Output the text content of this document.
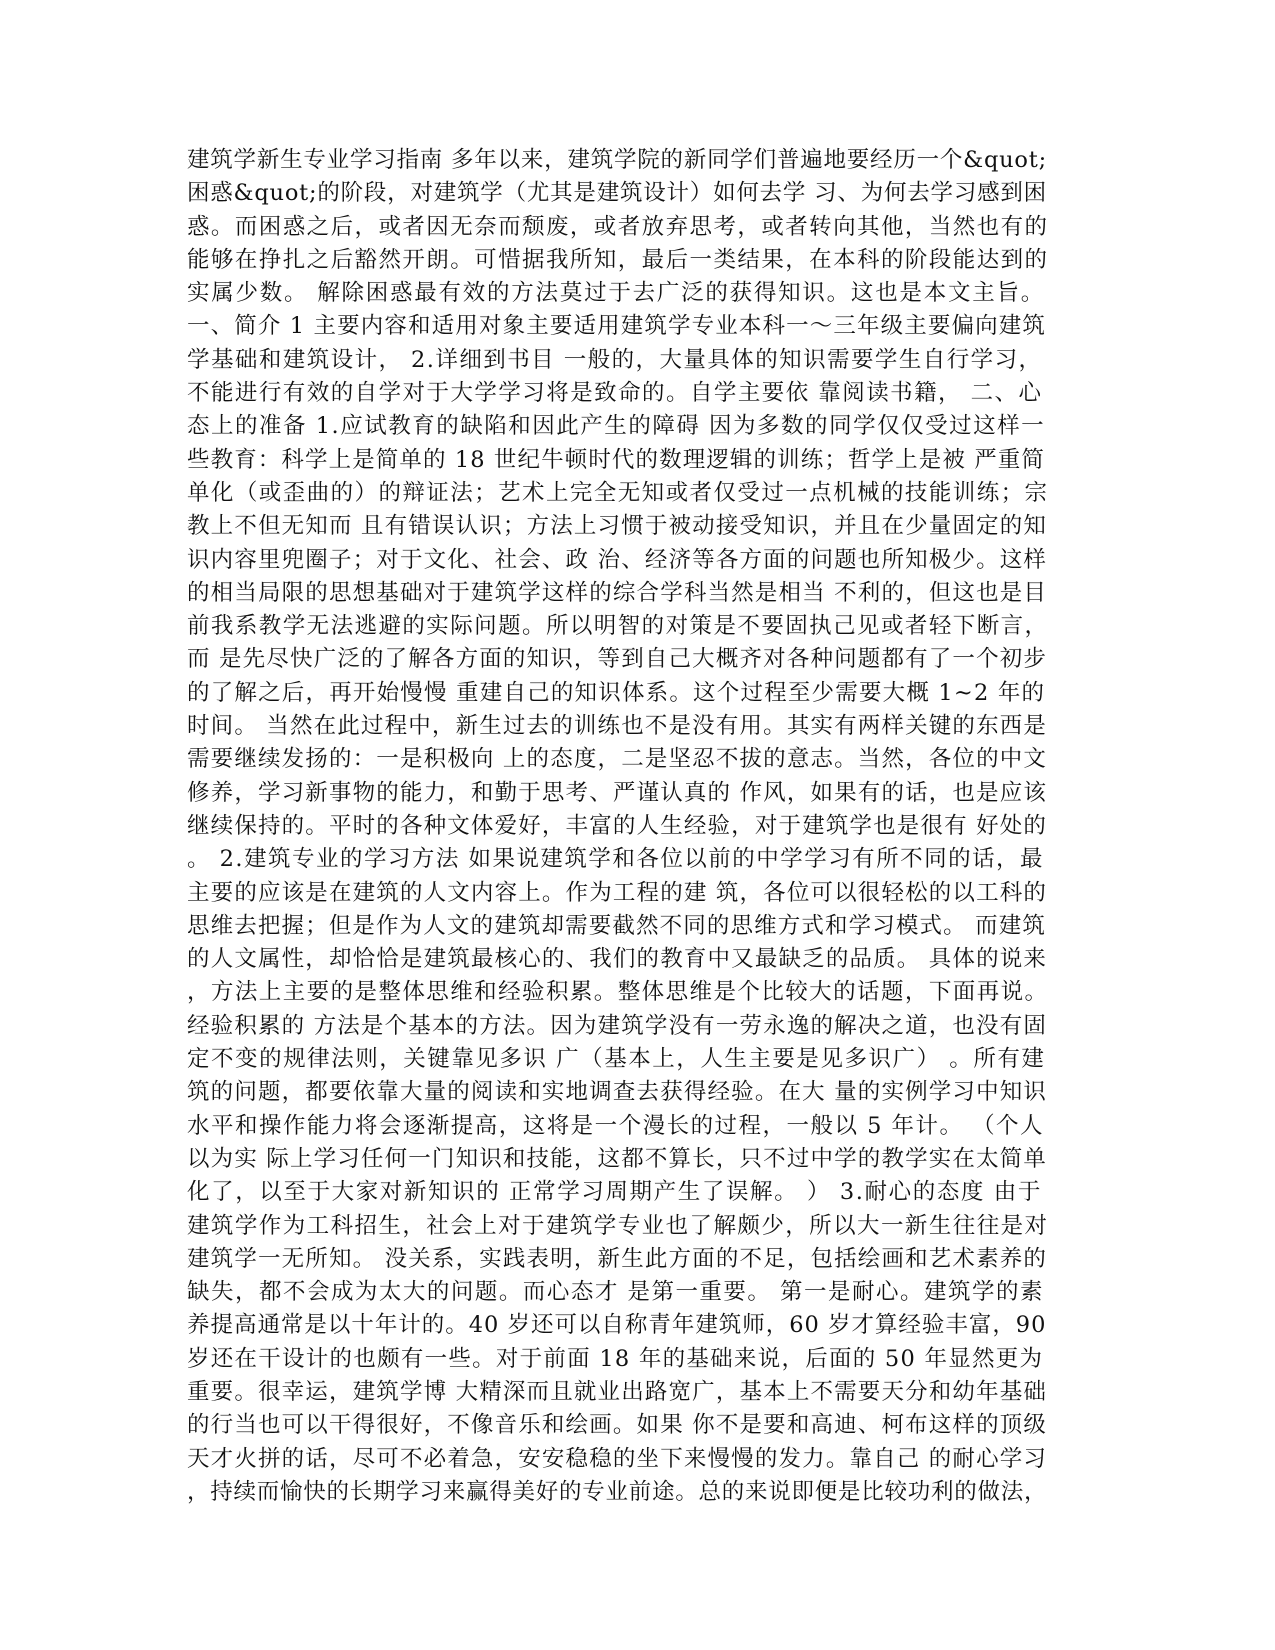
建筑学新生专业学习指南 多年以来，建筑学院的新同学们普遍地要经历一个&quot;
困惑&quot;的阶段，对建筑学（尤其是建筑设计）如何去学 习、为何去学习感到困
惑。而困惑之后，或者因无奈而颓废，或者放弃思考，或者转向其他，当然也有的
能够在挣扎之后豁然开朗。可惜据我所知，最后一类结果，在本科的阶段能达到的
实属少数。 解除困惑最有效的方法莫过于去广泛的获得知识。这也是本文主旨。
一、简介 1 主要内容和适用对象主要适用建筑学专业本科一～三年级主要偏向建筑
学基础和建筑设计， 2.详细到书目 一般的，大量具体的知识需要学生自行学习，
不能进行有效的自学对于大学学习将是致命的。自学主要依 靠阅读书籍， 二、心
态上的准备 1.应试教育的缺陷和因此产生的障碍 因为多数的同学仅仅受过这样一
些教育：科学上是简单的 18 世纪牛顿时代的数理逻辑的训练；哲学上是被 严重简
单化（或歪曲的）的辩证法；艺术上完全无知或者仅受过一点机械的技能训练；宗
教上不但无知而 且有错误认识；方法上习惯于被动接受知识，并且在少量固定的知
识内容里兜圈子；对于文化、社会、政 治、经济等各方面的问题也所知极少。这样
的相当局限的思想基础对于建筑学这样的综合学科当然是相当 不利的，但这也是目
前我系教学无法逃避的实际问题。所以明智的对策是不要固执己见或者轻下断言，
而 是先尽快广泛的了解各方面的知识，等到自己大概齐对各种问题都有了一个初步
的了解之后，再开始慢慢 重建自己的知识体系。这个过程至少需要大概 1~2 年的
时间。 当然在此过程中，新生过去的训练也不是没有用。其实有两样关键的东西是
需要继续发扬的：一是积极向 上的态度，二是坚忍不拔的意志。当然，各位的中文
修养，学习新事物的能力，和勤于思考、严谨认真的 作风，如果有的话，也是应该
继续保持的。平时的各种文体爱好，丰富的人生经验，对于建筑学也是很有 好处的
。 2.建筑专业的学习方法 如果说建筑学和各位以前的中学学习有所不同的话，最
主要的应该是在建筑的人文内容上。作为工程的建 筑，各位可以很轻松的以工科的
思维去把握；但是作为人文的建筑却需要截然不同的思维方式和学习模式。 而建筑
的人文属性，却恰恰是建筑最核心的、我们的教育中又最缺乏的品质。 具体的说来
，方法上主要的是整体思维和经验积累。整体思维是个比较大的话题，下面再说。
经验积累的 方法是个基本的方法。因为建筑学没有一劳永逸的解决之道，也没有固
定不变的规律法则，关键靠见多识 广（基本上，人生主要是见多识广） 。所有建
筑的问题，都要依靠大量的阅读和实地调查去获得经验。在大 量的实例学习中知识
水平和操作能力将会逐渐提高，这将是一个漫长的过程，一般以 5 年计。 （个人
以为实 际上学习任何一门知识和技能，这都不算长，只不过中学的教学实在太简单
化了，以至于大家对新知识的 正常学习周期产生了误解。 ） 3.耐心的态度 由于
建筑学作为工科招生，社会上对于建筑学专业也了解颇少，所以大一新生往往是对
建筑学一无所知。 没关系，实践表明，新生此方面的不足，包括绘画和艺术素养的
缺失，都不会成为太大的问题。而心态才 是第一重要。 第一是耐心。建筑学的素
养提高通常是以十年计的。40 岁还可以自称青年建筑师，60 岁才算经验丰富，90
岁还在干设计的也颇有一些。对于前面 18 年的基础来说，后面的 50 年显然更为
重要。很幸运，建筑学博 大精深而且就业出路宽广，基本上不需要天分和幼年基础
的行当也可以干得很好，不像音乐和绘画。如果 你不是要和高迪、柯布这样的顶级
天才火拼的话，尽可不必着急，安安稳稳的坐下来慢慢的发力。靠自己 的耐心学习
，持续而愉快的长期学习来赢得美好的专业前途。总的来说即便是比较功利的做法，
